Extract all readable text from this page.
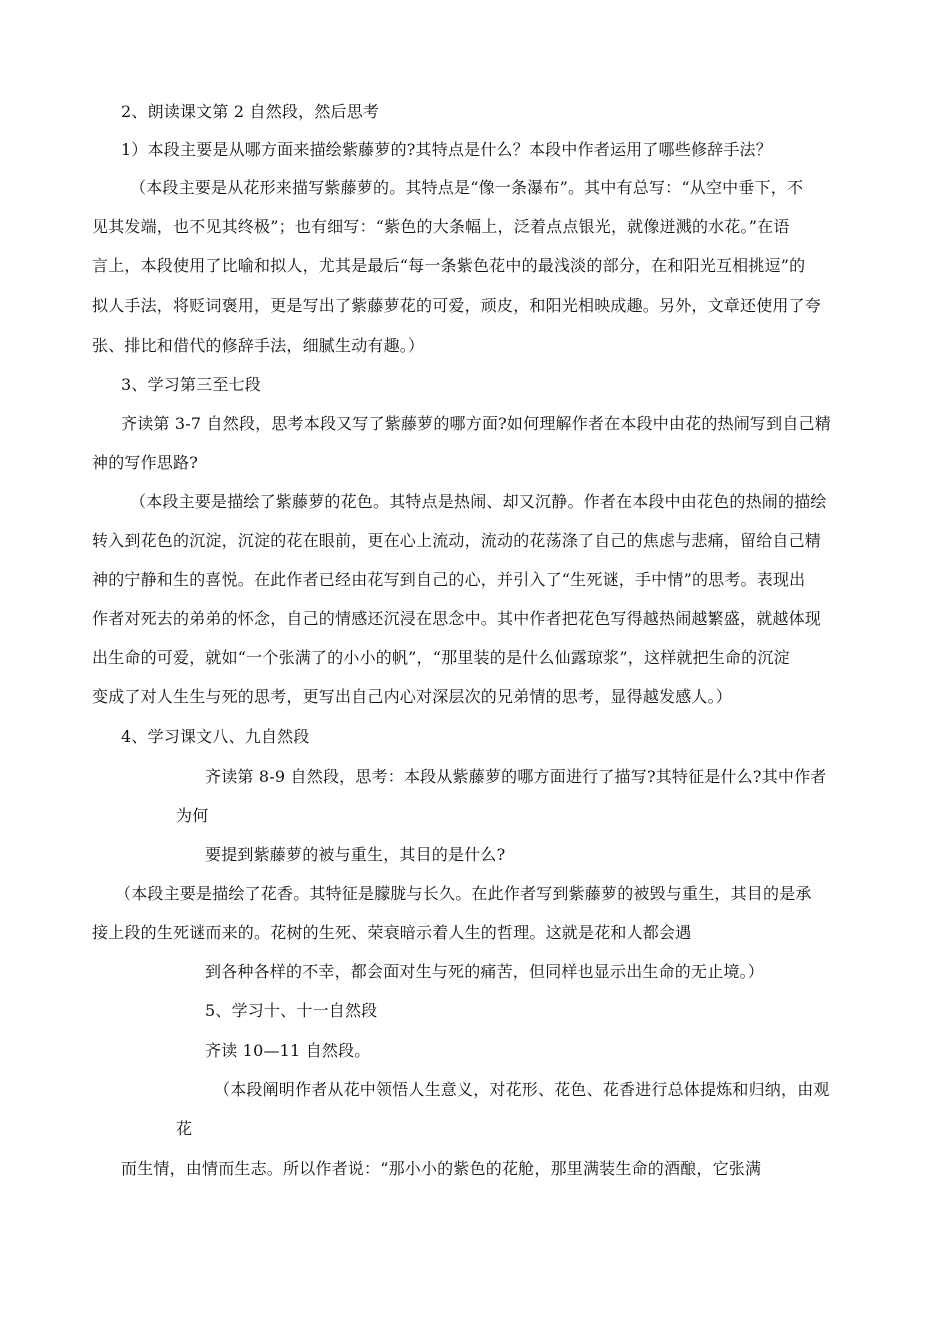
2、朗读课文第 2 自然段，然后思考
1）本段主要是从哪方面来描绘紫藤萝的?其特点是什么？本段中作者运用了哪些修辞手法？
（本段主要是从花形来描写紫藤萝的。其特点是“像一条瀑布”。其中有总写：“从空中垂下，不
见其发端，也不见其终极”；也有细写：“紫色的大条幅上，泛着点点银光，就像迸溅的水花。”在语
言上，本段使用了比喻和拟人，尤其是最后“每一条紫色花中的最浅淡的部分，在和阳光互相挑逗”的
拟人手法，将贬词褒用，更是写出了紫藤萝花的可爱，顽皮，和阳光相映成趣。另外，文章还使用了夸
张、排比和借代的修辞手法，细腻生动有趣。）
3、学习第三至七段
齐读第 3-7 自然段，思考本段又写了紫藤萝的哪方面?如何理解作者在本段中由花的热闹写到自己精
神的写作思路?
（本段主要是描绘了紫藤萝的花色。其特点是热闹、却又沉静。作者在本段中由花色的热闹的描绘
转入到花色的沉淀，沉淀的花在眼前，更在心上流动，流动的花荡涤了自己的焦虑与悲痛，留给自己精
神的宁静和生的喜悦。在此作者已经由花写到自己的心，并引入了“生死谜，手中情”的思考。表现出
作者对死去的弟弟的怀念，自己的情感还沉浸在思念中。其中作者把花色写得越热闹越繁盛，就越体现
出生命的可爱，就如“一个张满了的小小的帆”，“那里装的是什么仙露琼浆”，这样就把生命的沉淀
变成了对人生生与死的思考，更写出自己内心对深层次的兄弟情的思考，显得越发感人。）
4、学习课文八、九自然段
齐读第 8-9 自然段，思考：本段从紫藤萝的哪方面进行了描写?其特征是什么?其中作者
为何
要提到紫藤萝的被与重生，其目的是什么?
（本段主要是描绘了花香。其特征是朦胧与长久。在此作者写到紫藤萝的被毁与重生，其目的是承
接上段的生死谜而来的。花树的生死、荣衰暗示着人生的哲理。这就是花和人都会遇
到各种各样的不幸，都会面对生与死的痛苦，但同样也显示出生命的无止境。）
5、学习十、十一自然段
齐读 10—11 自然段。
（本段阐明作者从花中领悟人生意义，对花形、花色、花香进行总体提炼和归纳，由观
花
而生情，由情而生志。所以作者说：“那小小的紫色的花舱，那里满装生命的酒酿，它张满
